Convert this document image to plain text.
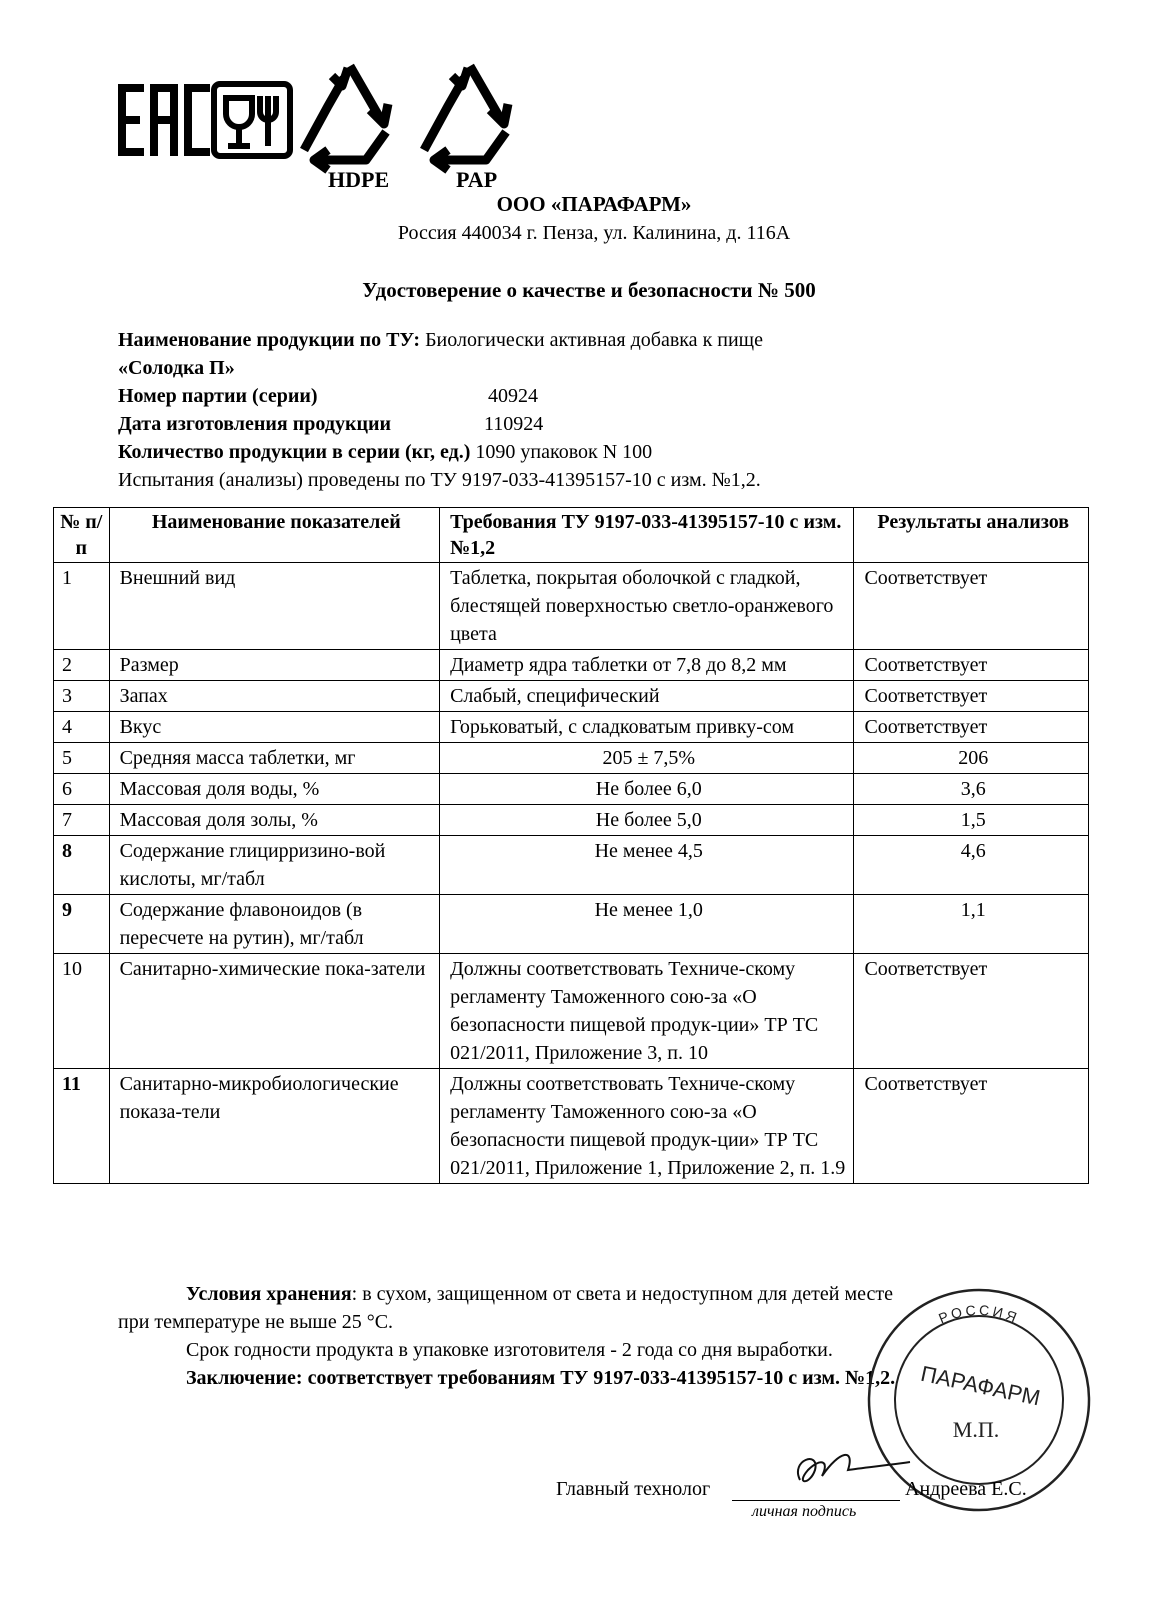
HDPE	PAP
ООО «ПАРАФАРМ»
Россия 440034 г. Пенза, ул. Калинина, д. 116А
Удостоверение о качестве и безопасности № 500
Наименование продукции по ТУ: Биологически активная добавка к пище
«Солодка П»
Номер партии (серии)	40924
Дата изготовления продукции	110924
Количество продукции в серии (кг, ед.) 1090 упаковок N 100
Испытания (анализы) проведены по ТУ 9197-033-41395157-10 с изм. №1,2.
№ п/п	Наименование показателей	Требования ТУ 9197-033-41395157-10 с изм. №1,2	Результаты анализов
1	Внешний вид	Таблетка, покрытая оболочкой с гладкой, блестящей поверхностью светло-оранжевого цвета	Соответствует
2	Размер	Диаметр ядра таблетки от 7,8 до 8,2 мм	Соответствует
3	Запах	Слабый, специфический	Соответствует
4	Вкус	Горьковатый, с сладковатым привку-сом	Соответствует
5	Средняя масса таблетки, мг	205 ± 7,5%	206
6	Массовая доля воды, %	Не более 6,0	3,6
7	Массовая доля золы, %	Не более 5,0	1,5
8	Содержание глицирризино-вой кислоты, мг/табл	Не менее 4,5	4,6
9	Содержание флавоноидов (в пересчете на рутин), мг/табл	Не менее 1,0	1,1
10	Санитарно-химические пока-затели	Должны соответствовать Техниче-скому регламенту Таможенного сою-за «О безопасности пищевой продук-ции» ТР ТС 021/2011, Приложение 3, п. 10	Соответствует
11	Санитарно-микробиологические показа-тели	Должны соответствовать Техниче-скому регламенту Таможенного сою-за «О безопасности пищевой продук-ции» ТР ТС 021/2011, Приложение 1, Приложение 2, п. 1.9	Соответствует
Условия хранения: в сухом, защищенном от света и недоступном для детей месте
при температуре не выше 25 °С.
Срок годности продукта в упаковке изготовителя - 2 года со дня выработки.
Заключение: соответствует требованиям ТУ 9197-033-41395157-10 с изм. №1,2.
РОССИЯ
ПАРАФАРМ
М.П.
Главный технолог
личная подпись
Андреева Е.С.
